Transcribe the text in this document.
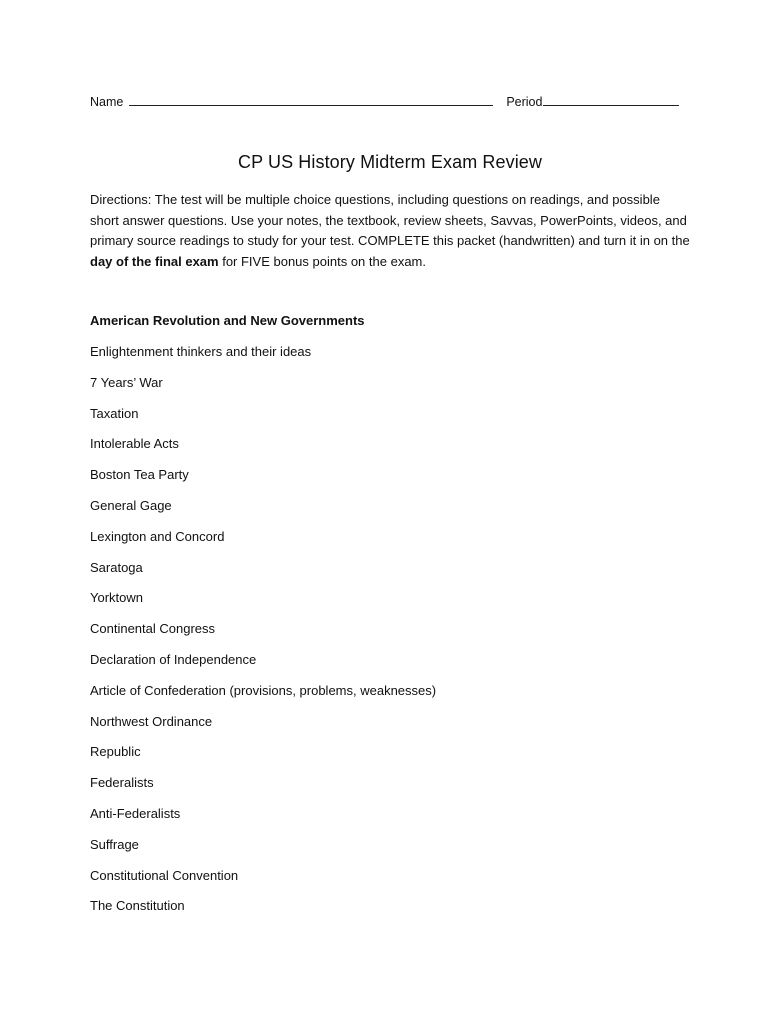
Name	Period
CP US History Midterm Exam Review
Directions: The test will be multiple choice questions, including questions on readings, and possible short answer questions. Use your notes, the textbook, review sheets, Savvas, PowerPoints, videos, and primary source readings to study for your test. COMPLETE this packet (handwritten) and turn it in on the day of the final exam for FIVE bonus points on the exam.
American Revolution and New Governments
Enlightenment thinkers and their ideas
7 Years’ War
Taxation
Intolerable Acts
Boston Tea Party
General Gage
Lexington and Concord
Saratoga
Yorktown
Continental Congress
Declaration of Independence
Article of Confederation (provisions, problems, weaknesses)
Northwest Ordinance
Republic
Federalists
Anti-Federalists
Suffrage
Constitutional Convention
The Constitution
